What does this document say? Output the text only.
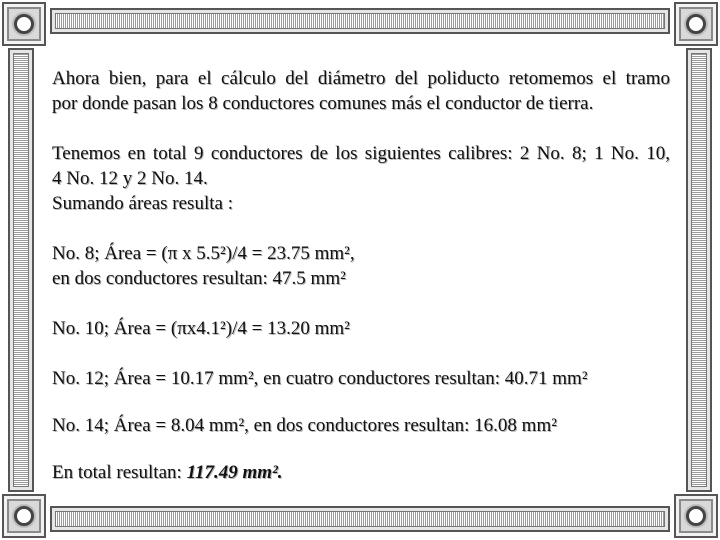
Ahora bien, para el cálculo del diámetro del poliducto retomemos el tramo

por donde pasan los 8 conductores comunes más el conductor de tierra.

Tenemos en total 9 conductores de los siguientes calibres: 2 No. 8; 1 No. 10,

4 No. 12 y 2 No. 14.

Sumando áreas resulta :

No. 8; Área = (π x 5.5²)/4 = 23.75 mm²,

en dos conductores resultan: 47.5 mm²

No. 10; Área = (πx4.1²)/4 = 13.20 mm²

No. 12; Área = 10.17 mm², en cuatro conductores resultan: 40.71 mm²

No. 14; Área = 8.04 mm², en dos conductores resultan: 16.08 mm²

En total resultan: 117.49 mm².
